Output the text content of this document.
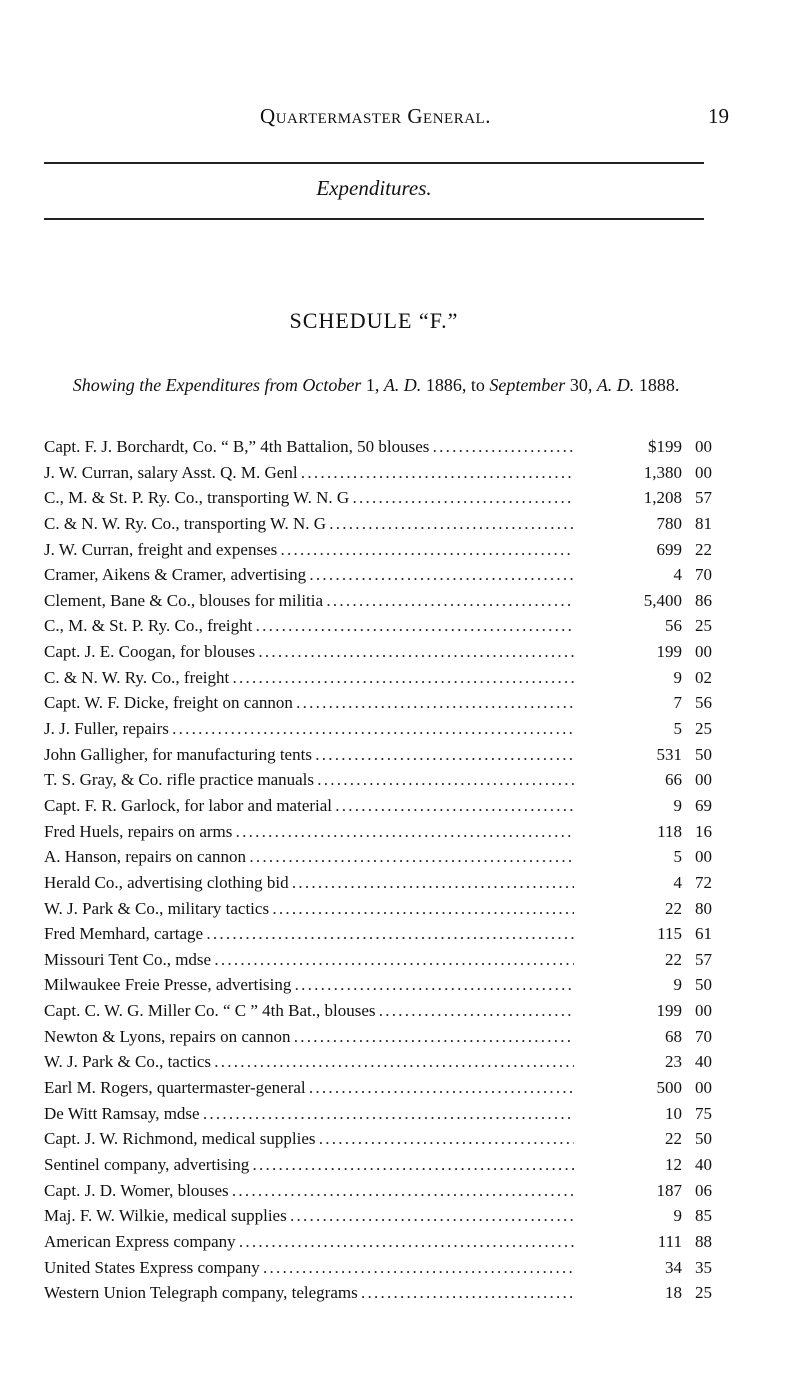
Quartermaster General.	19
Expenditures.
SCHEDULE “F.”
Showing the Expenditures from October 1, A. D. 1886, to September 30, A. D. 1888.
Capt. F. J. Borchardt, Co. “ B,” 4th Battalion, 50 blouses . . .	$199 00
J. W. Curran, salary Asst. Q. M. Genl . . .	1,380 00
C., M. & St. P. Ry. Co., transporting W. N. G . . .	1,208 57
C. & N. W. Ry. Co., transporting W. N. G . . .	780 81
J. W. Curran, freight and expenses . . .	699 22
Cramer, Aikens & Cramer, advertising . . .	4 70
Clement, Bane & Co., blouses for militia . . .	5,400 86
C., M. & St. P. Ry. Co., freight . . .	56 25
Capt. J. E. Coogan, for blouses . . .	199 00
C. & N. W. Ry. Co., freight . . .	9 02
Capt. W. F. Dicke, freight on cannon . . .	7 56
J. J. Fuller, repairs . . .	5 25
John Galligher, for manufacturing tents . . .	531 50
T. S. Gray, & Co. rifle practice manuals . . .	66 00
Capt. F. R. Garlock, for labor and material . . .	9 69
Fred Huels, repairs on arms . . .	118 16
A. Hanson, repairs on cannon . . .	5 00
Herald Co., advertising clothing bid . . .	4 72
W. J. Park & Co., military tactics . . .	22 80
Fred Memhard, cartage . . .	115 61
Missouri Tent Co., mdse . . .	22 57
Milwaukee Freie Presse, advertising . . .	9 50
Capt. C. W. G. Miller Co. “ C ” 4th Bat., blouses . . .	199 00
Newton & Lyons, repairs on cannon . . .	68 70
W. J. Park & Co., tactics . . .	23 40
Earl M. Rogers, quartermaster-general . . .	500 00
De Witt Ramsay, mdse . . .	10 75
Capt. J. W. Richmond, medical supplies . . .	22 50
Sentinel company, advertising . . .	12 40
Capt. J. D. Womer, blouses . . .	187 06
Maj. F. W. Wilkie, medical supplies . . .	9 85
American Express company . . .	111 88
United States Express company . . .	34 35
Western Union Telegraph company, telegrams . . .	18 25
